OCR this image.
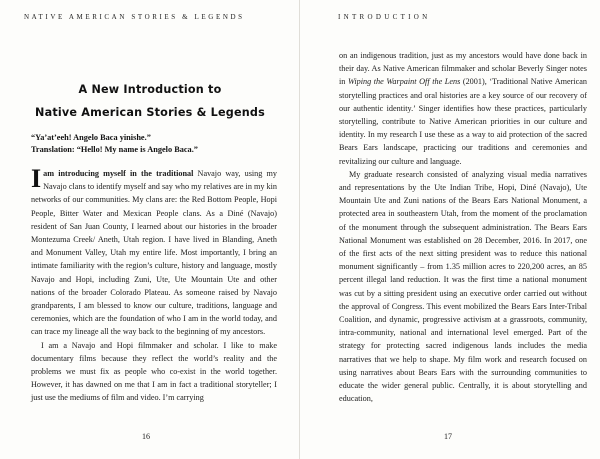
NATIVE AMERICAN STORIES & LEGENDS
A New Introduction to
Native American Stories & Legends
“Ya’at’eeh! Angelo Baca yinishe.”
Translation: “Hello! My name is Angelo Baca.”

Iam introducing myself in the traditional Navajo way, using my Navajo clans to identify myself and say who my relatives are in my kin networks of our communities. My clans are: the Red Bottom People, Hopi People, Bitter Water and Mexican People clans. As a Diné (Navajo) resident of San Juan County, I learned about our histories in the broader Montezuma Creek/ Aneth, Utah region. I have lived in Blanding, Aneth and Monument Valley, Utah my entire life. Most importantly, I bring an intimate familiarity with the region’s culture, history and language, mostly Navajo and Hopi, including Zuni, Ute, Ute Mountain Ute and other nations of the broader Colorado Plateau. As someone raised by Navajo grandparents, I am blessed to know our culture, traditions, language and ceremonies, which are the foundation of who I am in the world today, and can trace my lineage all the way back to the beginning of my ancestors.

I am a Navajo and Hopi filmmaker and scholar. I like to make documentary films because they reflect the world’s reality and the problems we must fix as people who co-exist in the world together. However, it has dawned on me that I am in fact a traditional storyteller; I just use the mediums of film and video. I’m carrying

16
INTRODUCTION

on an indigenous tradition, just as my ancestors would have done back in their day. As Native American filmmaker and scholar Beverly Singer notes in Wiping the Warpaint Off the Lens (2001), ‘Traditional Native American storytelling practices and oral histories are a key source of our recovery of our authentic identity.’ Singer identifies how these practices, particularly storytelling, contribute to Native American priorities in our culture and identity. In my research I use these as a way to aid protection of the sacred Bears Ears landscape, practicing our traditions and ceremonies and revitalizing our culture and language.

My graduate research consisted of analyzing visual media narratives and representations by the Ute Indian Tribe, Hopi, Diné (Navajo), Ute Mountain Ute and Zuni nations of the Bears Ears National Monument, a protected area in southeastern Utah, from the moment of the proclamation of the monument through the subsequent administration. The Bears Ears National Monument was established on 28 December, 2016. In 2017, one of the first acts of the next sitting president was to reduce this national monument significantly – from 1.35 million acres to 220,200 acres, an 85 percent illegal land reduction. It was the first time a national monument was cut by a sitting president using an executive order carried out without the approval of Congress. This event mobilized the Bears Ears Inter-Tribal Coalition, and dynamic, progressive activism at a grassroots, community, intra-community, national and international level emerged. Part of the strategy for protecting sacred indigenous lands includes the media narratives that we help to shape. My film work and research focused on using narratives about Bears Ears with the surrounding communities to educate the wider general public. Centrally, it is about storytelling and education,

17
